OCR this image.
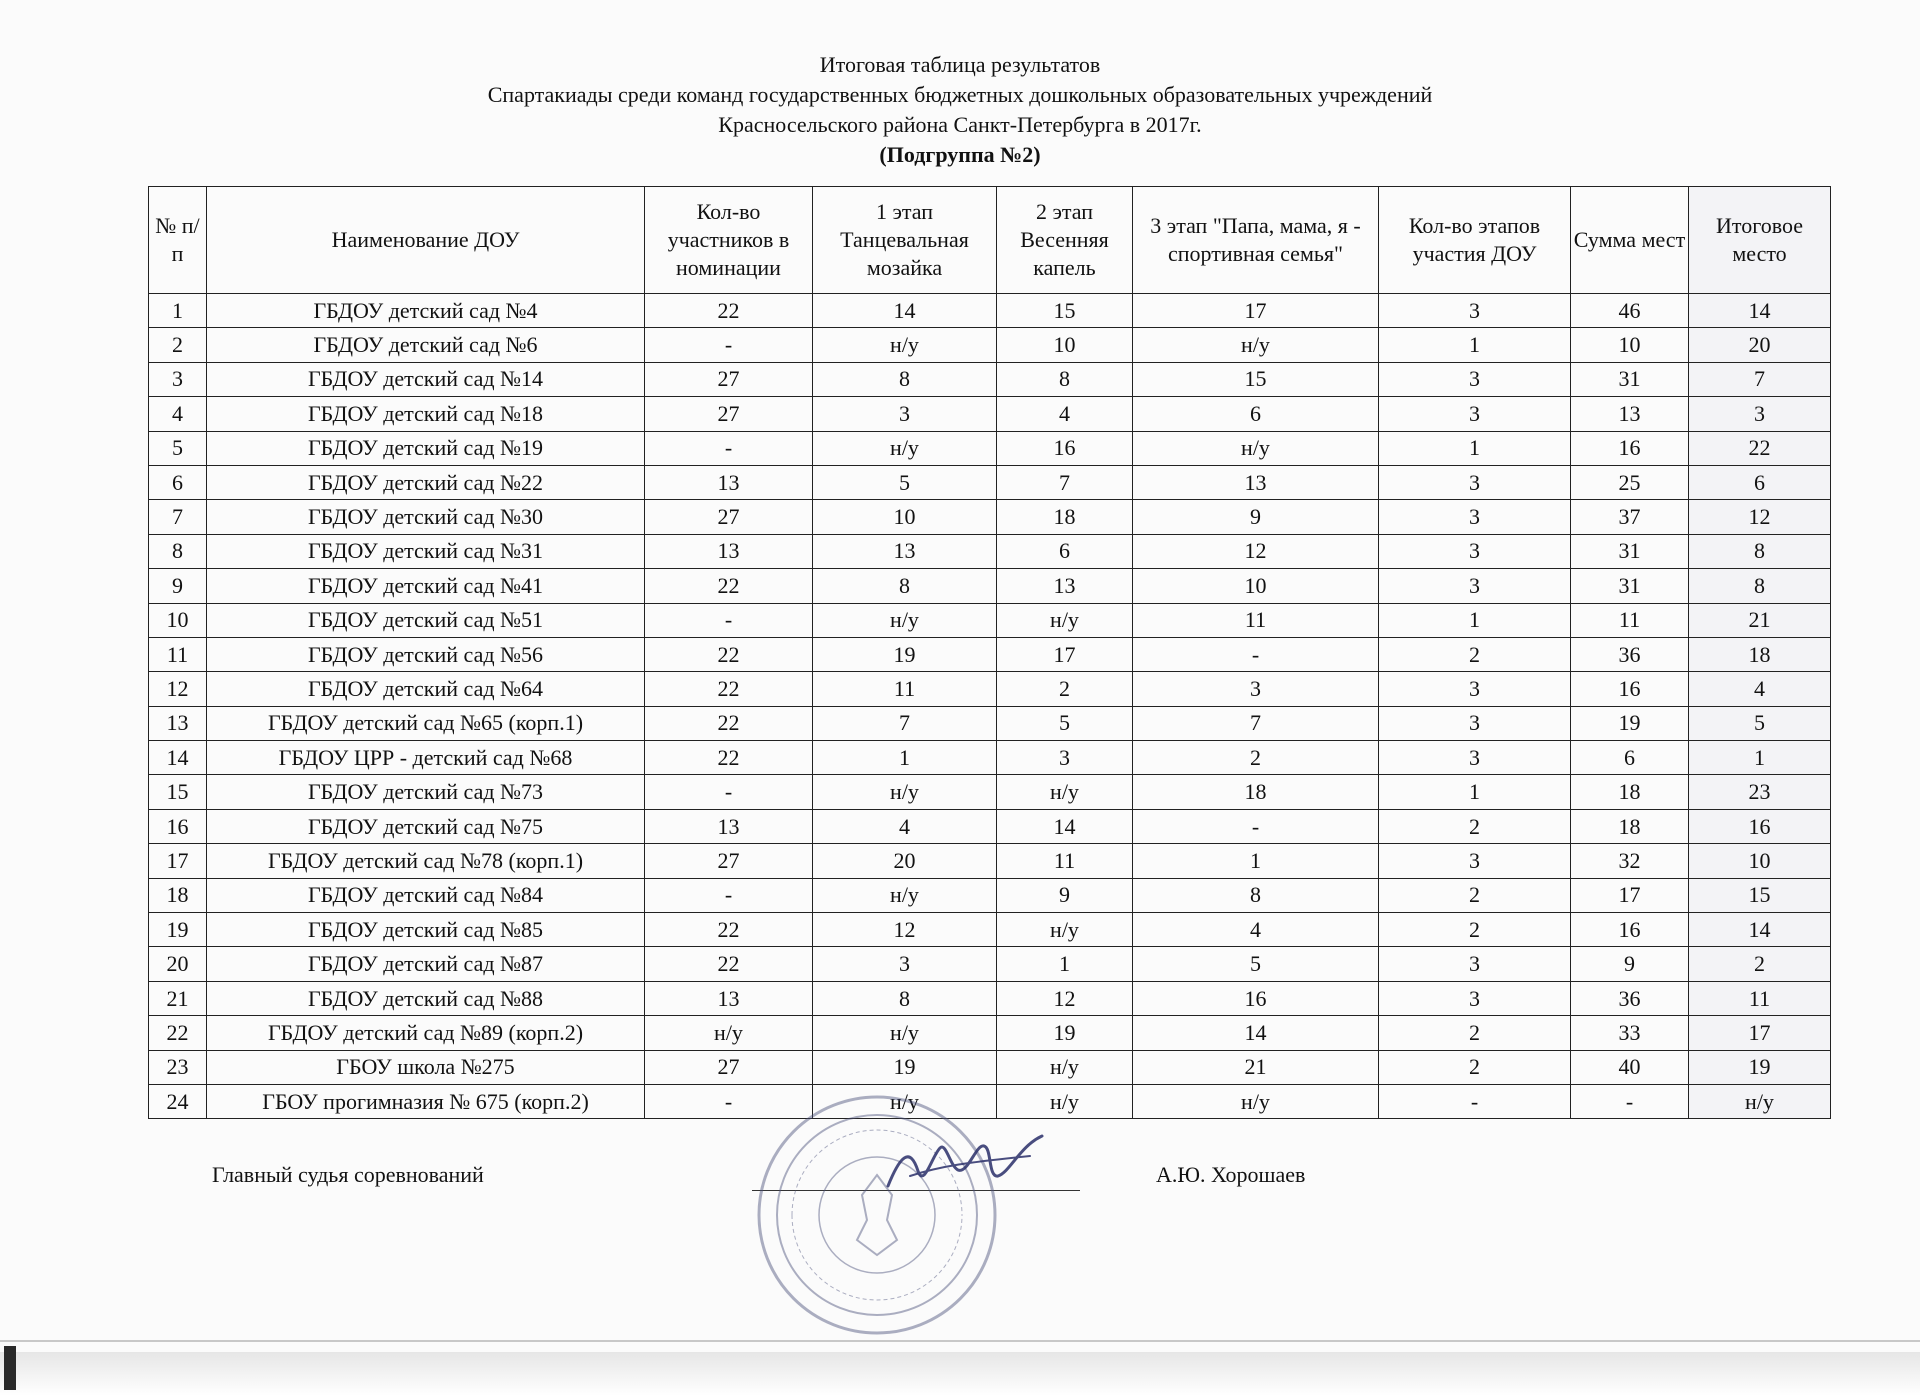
Итоговая таблица результатов
Спартакиады среди команд государственных бюджетных дошкольных образовательных учреждений
Красносельского района Санкт-Петербурга в 2017г.
(Подгруппа №2)
№ п/п	Наименование ДОУ	Кол-во участников в номинации	1 этап Танцевальная мозайка	2 этап Весенняя капель	3 этап "Папа, мама, я - спортивная семья"	Кол-во этапов участия ДОУ	Сумма мест	Итоговое место
1	ГБДОУ детский сад №4	22	14	15	17	3	46	14
2	ГБДОУ детский сад №6	-	н/у	10	н/у	1	10	20
3	ГБДОУ детский сад №14	27	8	8	15	3	31	7
4	ГБДОУ детский сад №18	27	3	4	6	3	13	3
5	ГБДОУ детский сад №19	-	н/у	16	н/у	1	16	22
6	ГБДОУ детский сад №22	13	5	7	13	3	25	6
7	ГБДОУ детский сад №30	27	10	18	9	3	37	12
8	ГБДОУ детский сад №31	13	13	6	12	3	31	8
9	ГБДОУ детский сад №41	22	8	13	10	3	31	8
10	ГБДОУ детский сад №51	-	н/у	н/у	11	1	11	21
11	ГБДОУ детский сад №56	22	19	17	-	2	36	18
12	ГБДОУ детский сад №64	22	11	2	3	3	16	4
13	ГБДОУ детский сад №65 (корп.1)	22	7	5	7	3	19	5
14	ГБДОУ ЦРР - детский сад №68	22	1	3	2	3	6	1
15	ГБДОУ детский сад №73	-	н/у	н/у	18	1	18	23
16	ГБДОУ детский сад №75	13	4	14	-	2	18	16
17	ГБДОУ детский сад №78 (корп.1)	27	20	11	1	3	32	10
18	ГБДОУ детский сад №84	-	н/у	9	8	2	17	15
19	ГБДОУ детский сад №85	22	12	н/у	4	2	16	14
20	ГБДОУ детский сад №87	22	3	1	5	3	9	2
21	ГБДОУ детский сад №88	13	8	12	16	3	36	11
22	ГБДОУ детский сад №89 (корп.2)	н/у	н/у	19	14	2	33	17
23	ГБОУ школа №275	27	19	н/у	21	2	40	19
24	ГБОУ прогимназия № 675 (корп.2)	-	н/у	н/у	н/у	-	-	н/у
Главный судья соревнований	А.Ю. Хорошаев
